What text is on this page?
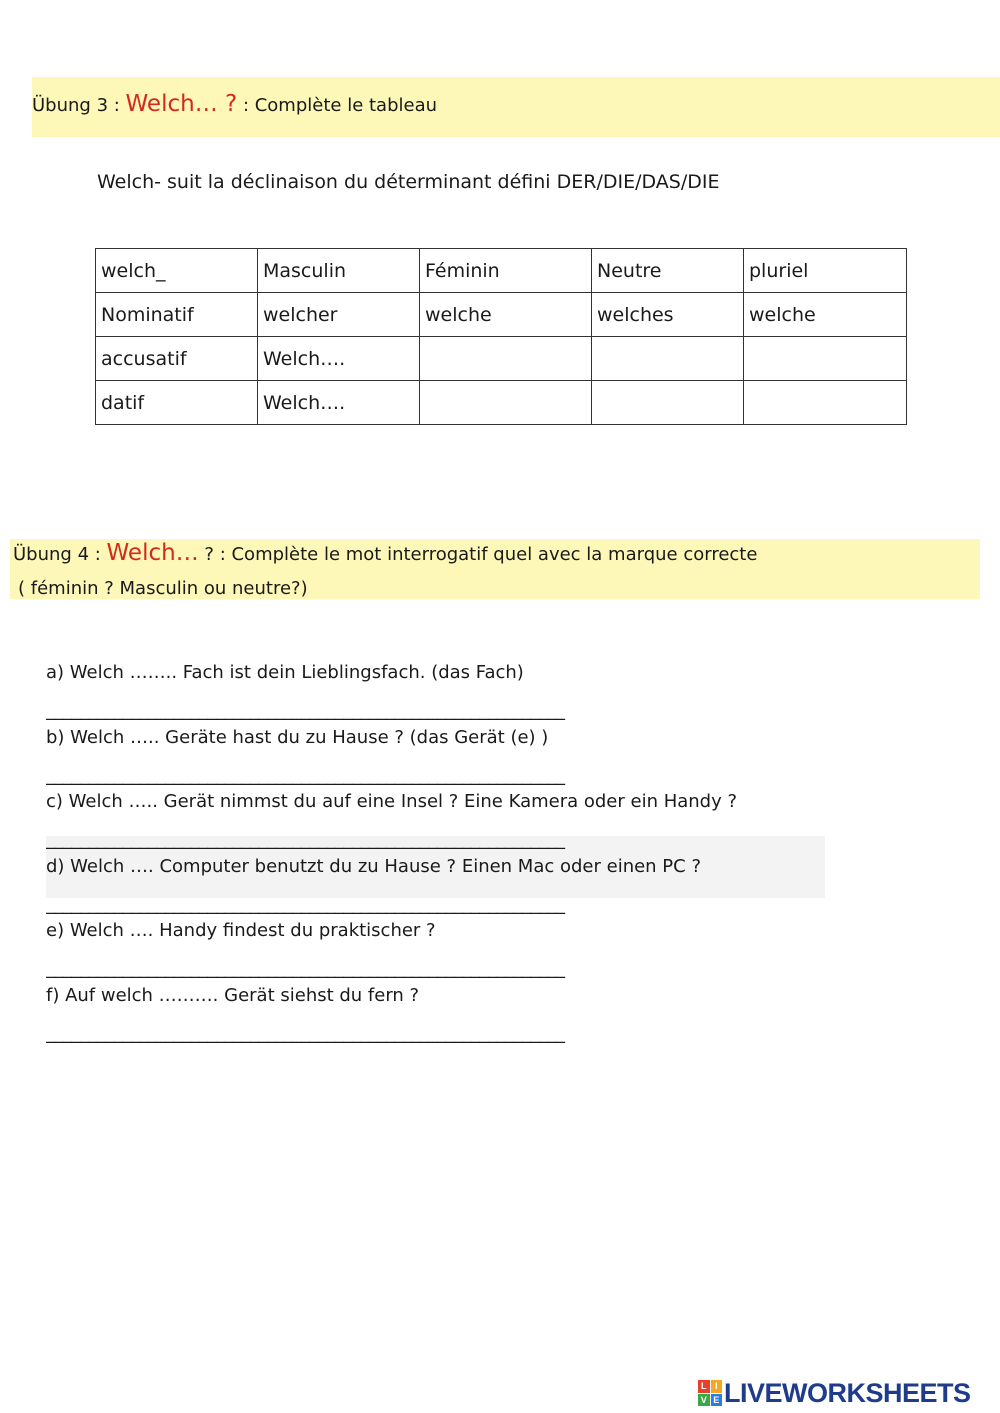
Übung 3 : Welch… ? : Complète le tableau
Welch- suit la déclinaison du déterminant défini DER/DIE/DAS/DIE
welch_	Masculin	Féminin	Neutre	pluriel
Nominatif	welcher	welche	welches	welche
accusatif	Welch….			
datif	Welch….			
Übung 4 : Welch… ? : Complète le mot interrogatif quel avec la marque correcte
( féminin ? Masculin ou neutre?)
a) Welch …….. Fach ist dein Lieblingsfach. (das Fach)
_____________________________________________________________
b) Welch ….. Geräte hast du zu Hause ? (das Gerät (e) )
_____________________________________________________________
c) Welch ….. Gerät nimmst du auf eine Insel ? Eine Kamera oder ein Handy ?
_____________________________________________________________
d) Welch …. Computer benutzt du zu Hause ? Einen Mac oder einen PC ?
_____________________________________________________________
e) Welch …. Handy findest du praktischer ?
_____________________________________________________________
f) Auf welch ………. Gerät siehst du fern ?
_____________________________________________________________
L I
V E LIVEWORKSHEETS
